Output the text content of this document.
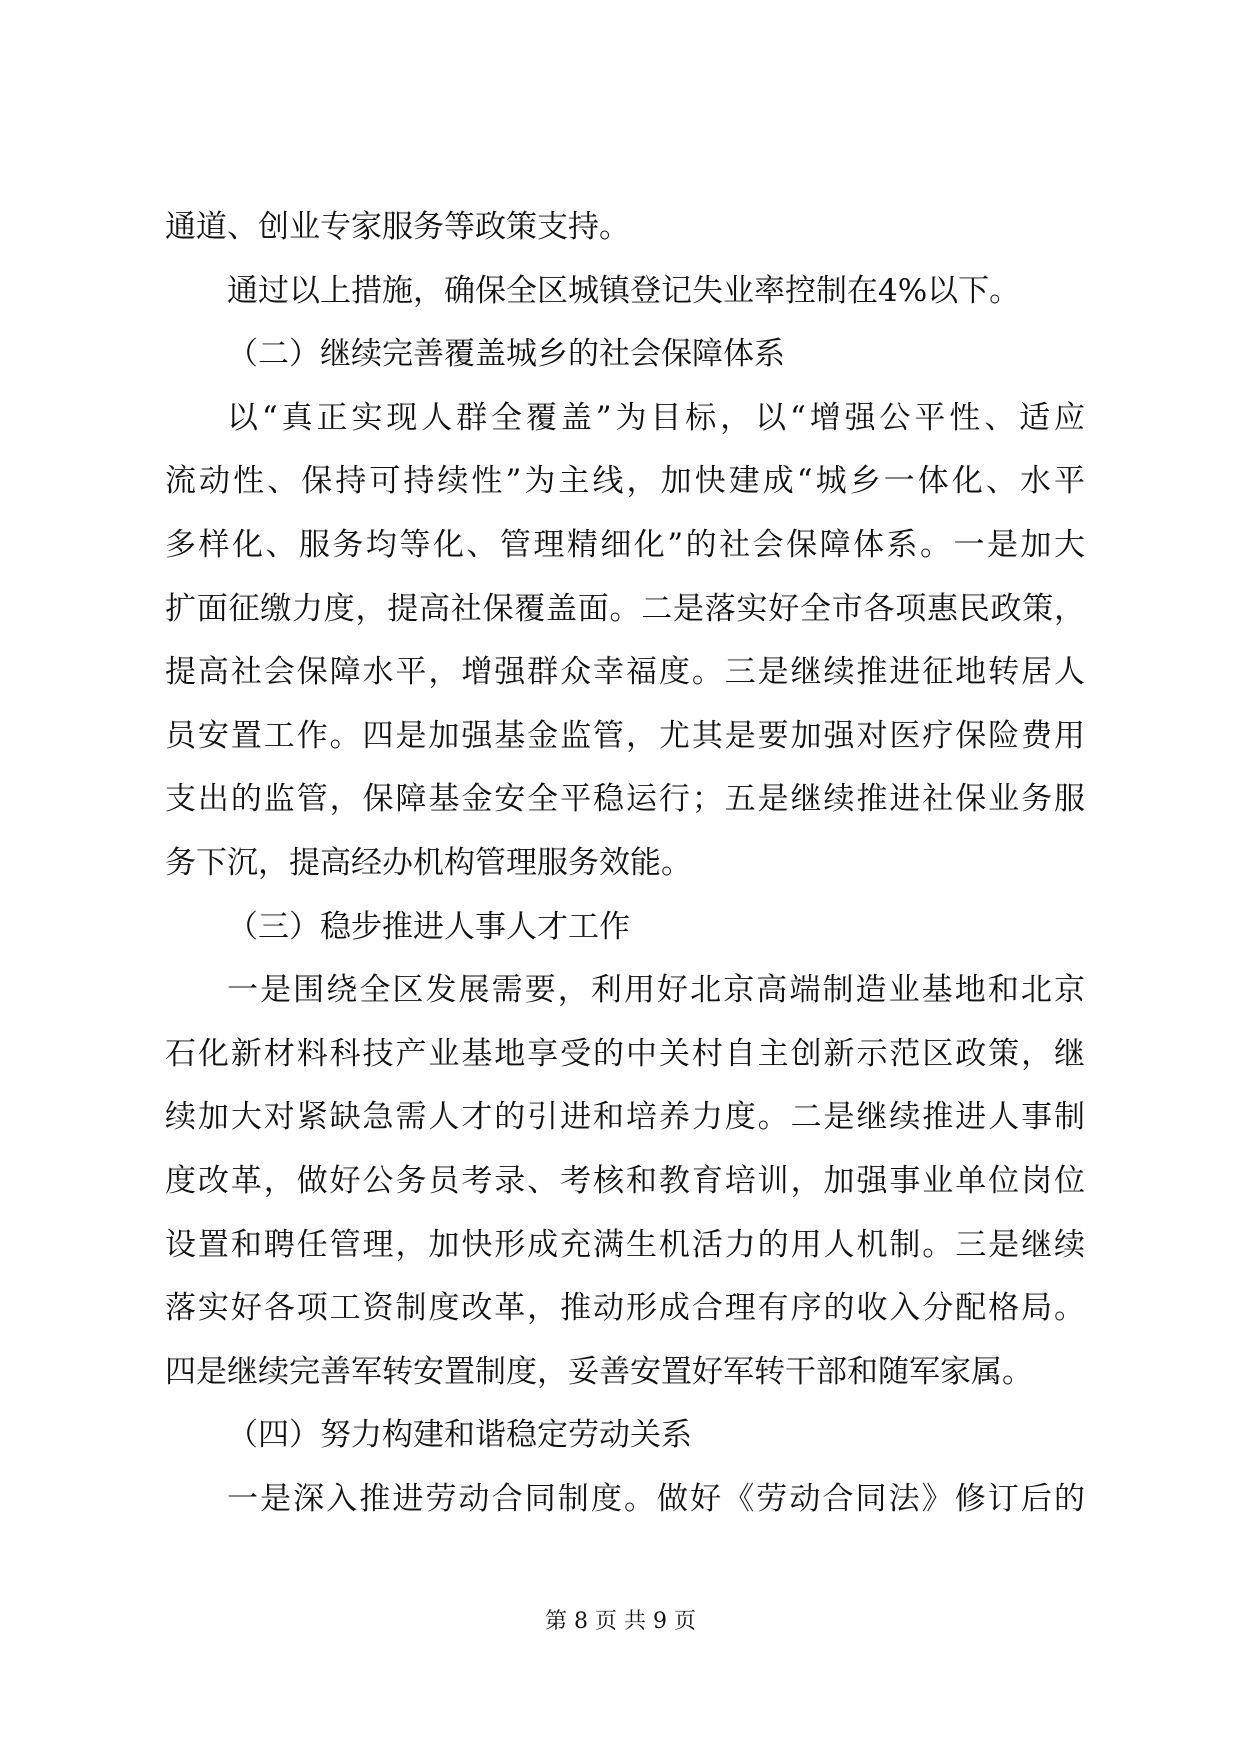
通道、创业专家服务等政策支持。
通过以上措施，确保全区城镇登记失业率控制在4%以下。
（二）继续完善覆盖城乡的社会保障体系
以“真正实现人群全覆盖”为目标，以“增强公平性、适应
流动性、保持可持续性”为主线，加快建成“城乡一体化、水平
多样化、服务均等化、管理精细化”的社会保障体系。一是加大
扩面征缴力度，提高社保覆盖面。二是落实好全市各项惠民政策，
提高社会保障水平，增强群众幸福度。三是继续推进征地转居人
员安置工作。四是加强基金监管，尤其是要加强对医疗保险费用
支出的监管，保障基金安全平稳运行；五是继续推进社保业务服
务下沉，提高经办机构管理服务效能。
（三）稳步推进人事人才工作
一是围绕全区发展需要，利用好北京高端制造业基地和北京
石化新材料科技产业基地享受的中关村自主创新示范区政策，继
续加大对紧缺急需人才的引进和培养力度。二是继续推进人事制
度改革，做好公务员考录、考核和教育培训，加强事业单位岗位
设置和聘任管理，加快形成充满生机活力的用人机制。三是继续
落实好各项工资制度改革，推动形成合理有序的收入分配格局。
四是继续完善军转安置制度，妥善安置好军转干部和随军家属。
（四）努力构建和谐稳定劳动关系
一是深入推进劳动合同制度。做好《劳动合同法》修订后的
第 8 页 共 9 页
